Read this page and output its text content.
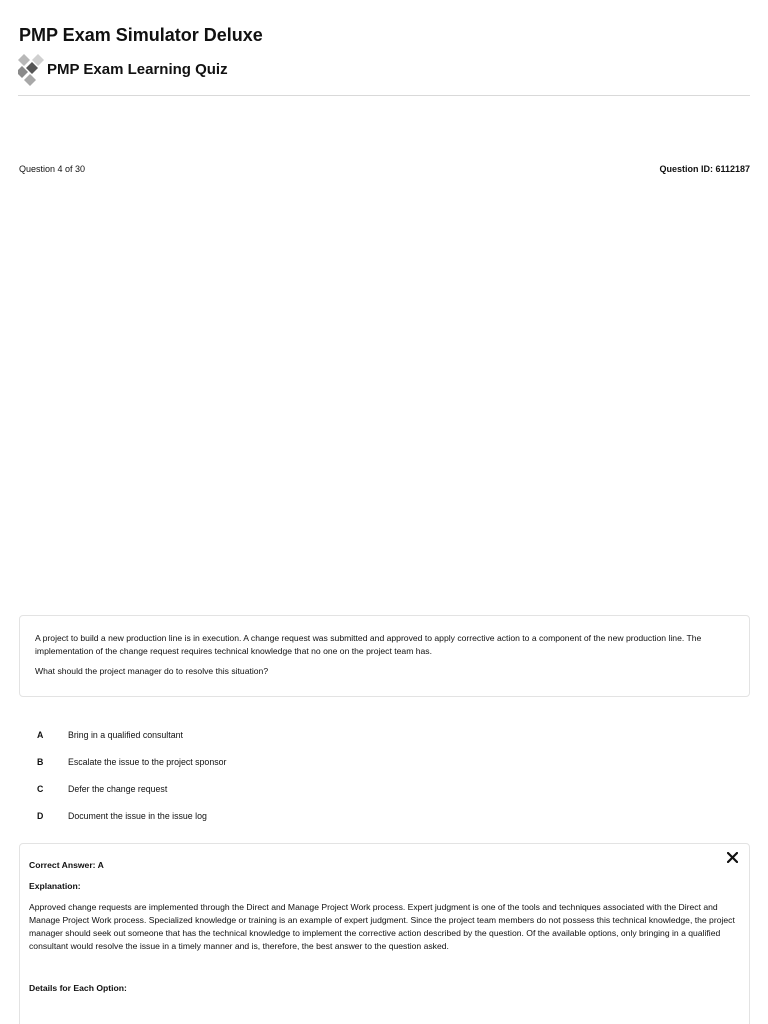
PMP Exam Simulator Deluxe
PMP Exam Learning Quiz
Question 4 of 30	Question ID: 6112187

A project to build a new production line is in execution. A change request was submitted and approved to apply corrective action to a component of the new production line. The implementation of the change request requires technical knowledge that no one on the project team has.

What should the project manager do to resolve this situation?

A	Bring in a qualified consultant
B	Escalate the issue to the project sponsor
C	Defer the change request
D	Document the issue in the issue log

Correct Answer: A

Explanation:

Approved change requests are implemented through the Direct and Manage Project Work process. Expert judgment is one of the tools and techniques associated with the Direct and Manage Project Work process. Specialized knowledge or training is an example of expert judgment. Since the project team members do not possess this technical knowledge, the project manager should seek out someone that has the technical knowledge to implement the corrective action described by the question. Of the available options, only bringing in a qualified consultant would resolve the issue in a timely manner and is, therefore, the best answer to the question asked.

Details for Each Option:
